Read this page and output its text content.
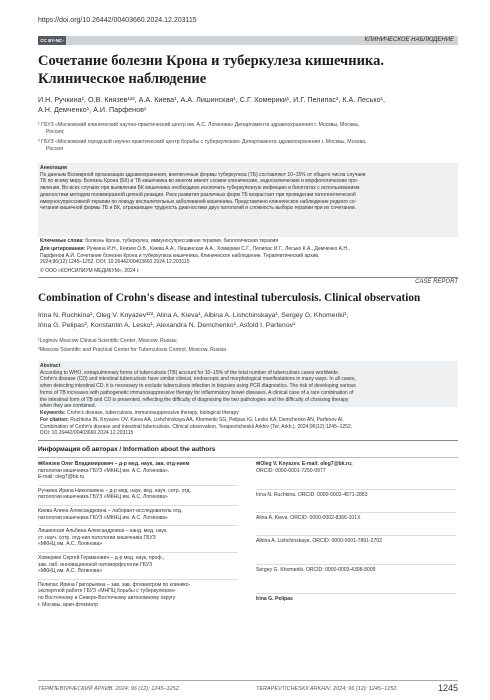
https://doi.org/10.26442/00403660.2024.12.203115
CC BY-NC-SA 4.0
КЛИНИЧЕСКОЕ НАБЛЮДЕНИЕ
Сочетание болезни Крона и туберкулеза кишечника.
Клиническое наблюдение
И.Н. Ручкина¹, О.В. Князев¹²³, А.А. Киева¹, А.А. Лишинская¹, С.Г. Хомерики¹, И.Г. Пелипас², К.А. Лесько¹,
А.Н. Демченко¹, А.И. Парфенов¹
¹ ГБУЗ «Московский клинический научно-практический центр им. А.С. Логинова» Департамента здравоохранения г. Москвы, Москва,
Россия;
² ГБУЗ «Московский городской научно-практический центр борьбы с туберкулезом» Департамента здравоохранения г. Москвы, Москва,
Россия
Аннотация
По данным Всемирной организации здравоохранения, внелегочные формы туберкулеза (ТБ) составляют 10–15% от общего числа случаев
ТБ по всему миру. Болезнь Крона (БК) и ТБ кишечника во многом имеют схожие клинические, эндоскопические и морфологические про-
явления. Во всех случаях при выявлении БК кишечника необходимо исключать туберкулезную инфекцию в биоптатах с использованием
диагностики методом полимеразной цепной реакции. Риск развития различных форм ТБ возрастает при проведении патогенетической
иммуносупрессивной терапии по поводу воспалительных заболеваний кишечника. Представлено клиническое наблюдение редкого со-
четания кишечной формы ТБ и БК, отражающее трудность диагностики двух патологий и сложность выбора терапии при их сочетании.
Ключевые слова: болезнь Крона, туберкулез, иммуносупрессивная терапия, биологическая терапия
Для цитирования: Ручкина И.Н., Князев О.В., Киева А.А., Лишинская А.А., Хомерики С.Г., Пелипас И.Г., Лесько К.А., Демченко А.Н.,
Парфенов А.И. Сочетание болезни Крона и туберкулеза кишечника. Клиническое наблюдение. Терапевтический архив.
2024;96(12):1245–1252. DOI: 10.26442/00403660.2024.12.203115
© ООО «КОНСИЛИУМ МЕДИКУМ», 2024 г.
CASE REPORT
Combination of Crohn's disease and intestinal tuberculosis. Clinical observation
Irina N. Ruchkina¹, Oleg V. Knyazev¹²³, Alina A. Kieva¹, Albina A. Lishchinskaya¹, Sergey G. Khomeriki¹,
Irina G. Pelipas², Konstantin A. Lesko¹, Alexandra N. Demchenko¹, Asfold I. Parfenov¹
¹Loginov Moscow Clinical Scientific Center, Moscow, Russia;
²Moscow Scientific and Practical Center for Tuberculosis Control, Moscow, Russia
Abstract
According to WHO, extrapulmonary forms of tuberculosis (TB) account for 10–15% of the total number of tuberculosis cases worldwide.
Crohn's disease (CD) and intestinal tuberculosis have similar clinical, endoscopic and morphological manifestations in many ways. In all cases,
when detecting intestinal CD, it is necessary to exclude tuberculosis infection in biopsies using PCR diagnostics. The risk of developing various
forms of TB increases with pathogenetic immunosuppressive therapy for inflammatory bowel diseases. A clinical case of a rare combination of
the intestinal form of TB and CD is presented, reflecting the difficulty of diagnosing the two pathologies and the difficulty of choosing therapy
when they are combined.
Keywords: Crohn's disease, tuberculosis, immunosuppressive therapy, biological therapy
For citation: Ruchkina IN, Knyazev OV, Kieva AA, Lishchinskaya AA, Khomeriki SG, Pelipas IG, Lesko KA, Demchenko AN, Parfenov AI.
Combination of Crohn's disease and intestinal tuberculosis. Clinical observation. Terapevticheskii Arkhiv (Ter. Arkh.). 2024;96(12):1245–1252.
DOI: 10.26442/00403660.2024.12.203115
Информация об авторах / Information about the authors
✉Князев Олег Владимирович – д-р мед. наук, зав. отд-нием
патологии кишечника ГБУЗ «МКНЦ им. А.С. Логинова».
E-mail: oleg7@bk.ru
Ручкина Ирина Николаевна – д-р мед. наук, вед. науч. сотр. отд.
патологии кишечника ГБУЗ «МКНЦ им. А.С. Логинова»
Киева Алина Александровна – лаборант-исследователь отд.
патологии кишечника ГБУЗ «МКНЦ им. А.С. Логинова»
Лишинская Альбина Александровна – канд. мед. наук,
ст. науч. сотр. отд-ния патологии кишечника ГБУЗ
«МКНЦ им. А.С. Логинова»
Хомерики Сергей Германович – д-р мед. наук, проф.,
зав. лаб. инновационной патоморфологии ГБУЗ
«МКНЦ им. А.С. Логинова»
Пелипас Ирина Григорьевна – зав. зав. фтизиатром по клинико-
экспертной работе ГБУЗ «МНПЦ борьбы с туберкулезом»
по Восточному и Северо-Восточному автономному округу
г. Москвы, врач-фтизиатр
✉Oleg V. Knyazev. E-mail: oleg7@bk.ru;
ORCID: 0000-0001-7250-0977
Irina N. Ruchkina. ORCID: 0000-0002-4571-2883
Alina A. Kieva. ORCID: 0000-0002-8366-101X
Albina A. Lishchinskaya. ORCID: 0000-0001-7891-2702
Sergey G. Khomeriki. ORCID: 0000-0003-4308-8009
Irina G. Pelipas
ТЕРАПЕВТИЧЕСКИЙ АРХИВ. 2024; 96 (12): 1245–1252.	TERAPEVTICHESKII ARKHIV. 2024; 96 (12): 1245–1252.	1245
